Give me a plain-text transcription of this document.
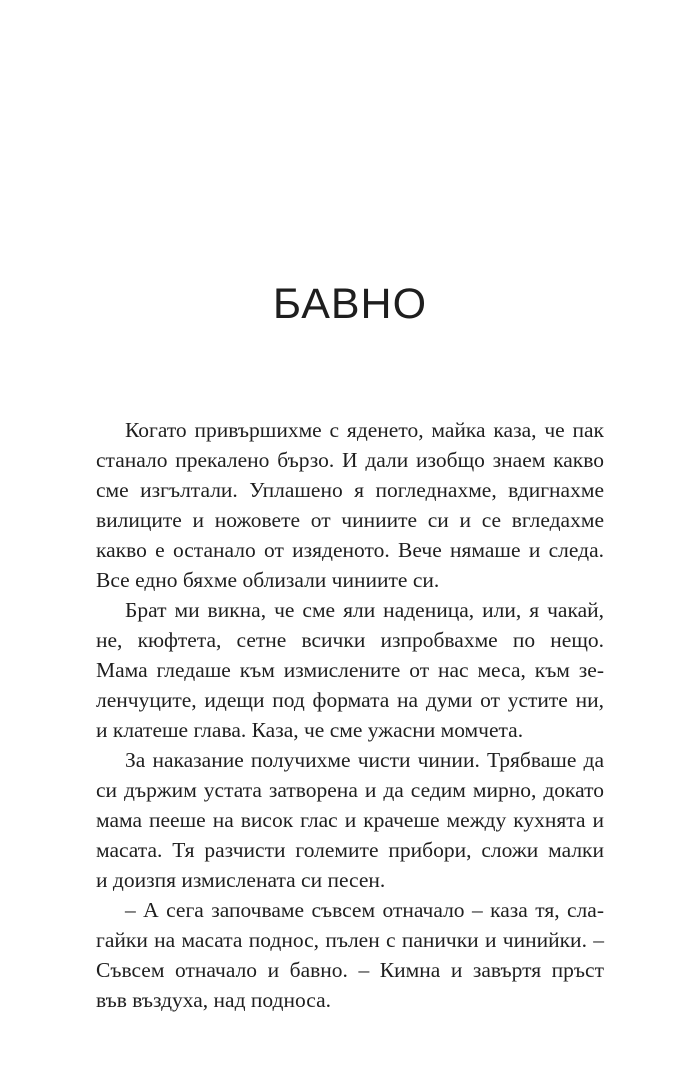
БАВНО

Когато привършихме с яденето, майка каза, че пак

станало прекалено бързо. И дали изобщо знаем какво

сме изгълтали. Уплашено я погледнахме, вдигнахме

вилиците и ножовете от чиниите си и се вгледахме

какво е останало от изяденото. Вече нямаше и следа.

Все едно бяхме облизали чиниите си.

Брат ми викна, че сме яли наденица, или, я чакай,

не, кюфтета, сетне всички изпробвахме по нещо.

Мама гледаше към измислените от нас меса, към зе-

ленчуците, идещи под формата на думи от устите ни,

и клатеше глава. Каза, че сме ужасни момчета.

За наказание получихме чисти чинии. Трябваше да

си държим устата затворена и да седим мирно, докато

мама пееше на висок глас и крачеше между кухнята и

масата. Тя разчисти големите прибори, сложи малки

и доизпя измислената си песен.

– А сега започваме съвсем отначало – каза тя, сла-

гайки на масата поднос, пълен с панички и чинийки. –

Съвсем отначало и бавно. – Кимна и завъртя пръст

във въздуха, над подноса.
